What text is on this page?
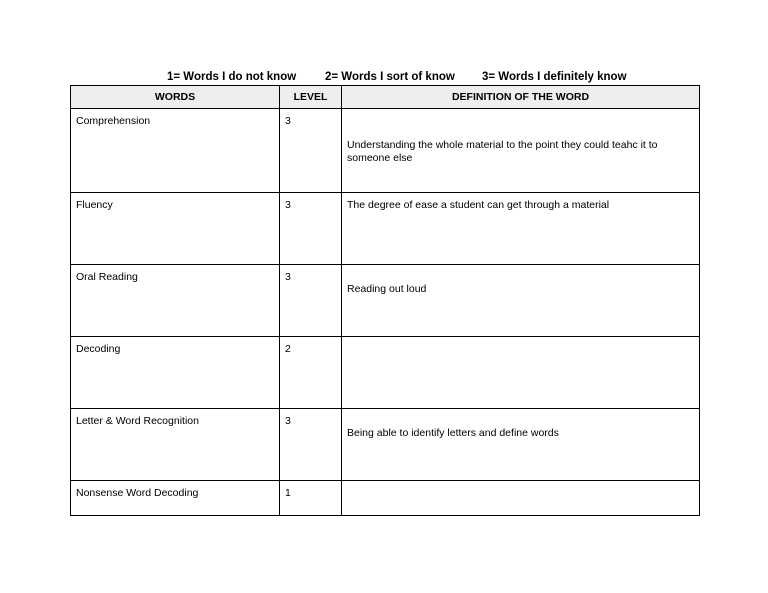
1= Words I do not know	2= Words I sort of know 3= Words I definitely know
WORDS	LEVEL	DEFINITION OF THE WORD

Comprehension	3	Understanding the whole material to the point they could teahc it to someone else

Fluency	3	The degree of ease a student can get through a material

Oral Reading	3	Reading out loud

Decoding	2	

Letter & Word Recognition	3	Being able to identify letters and define words

Nonsense Word Decoding	1	
